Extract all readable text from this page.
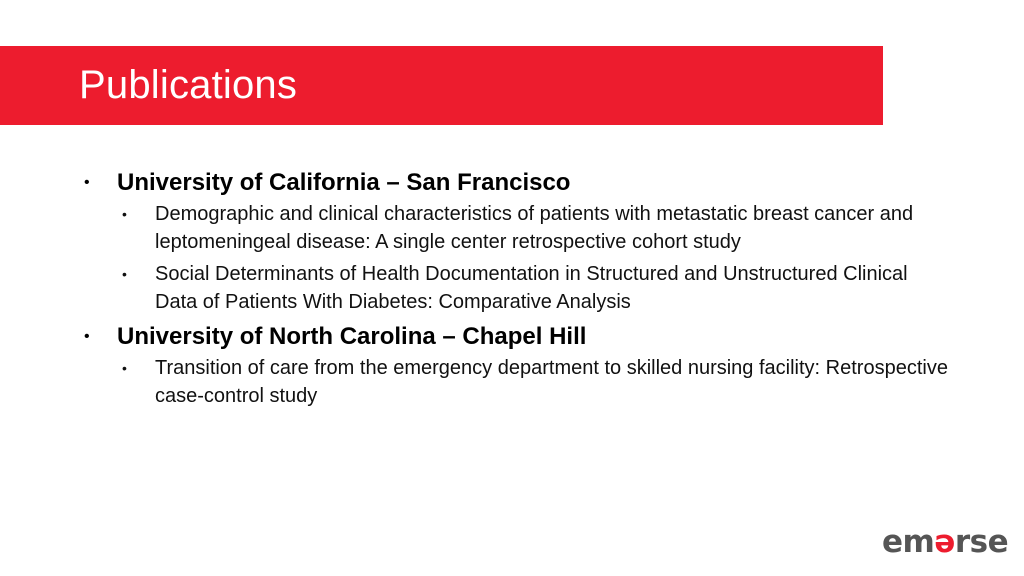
Publications
•	University of California – San Francisco
•	Demographic and clinical characteristics of patients with metastatic breast cancer and leptomeningeal disease: A single center retrospective cohort study
•	Social Determinants of Health Documentation in Structured and Unstructured Clinical Data of Patients With Diabetes: Comparative Analysis
•	University of North Carolina – Chapel Hill
•	Transition of care from the emergency department to skilled nursing facility: Retrospective case-control study
em ǝ rse
